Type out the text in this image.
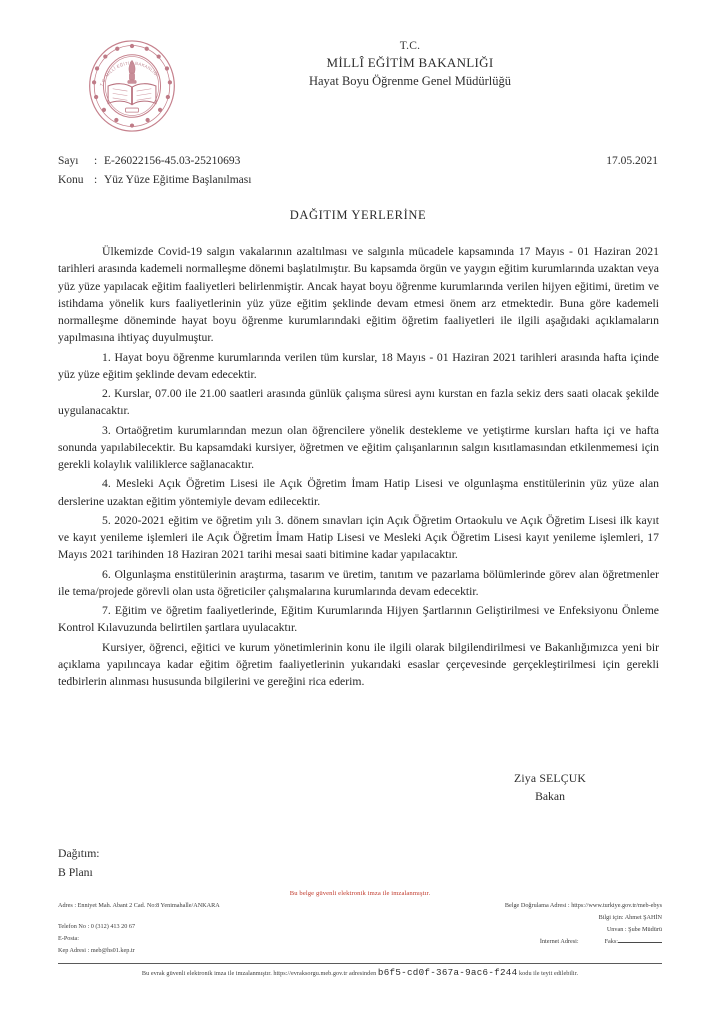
T.C. MİLLÎ EĞİTİM BAKANLIĞI
T.C.
MİLLÎ EĞİTİM BAKANLIĞI
Hayat Boyu Öğrenme Genel Müdürlüğü
17.05.2021
Sayı	: E-26022156-45.03-25210693
Konu : Yüz Yüze Eğitime Başlanılması
DAĞITIM YERLERİNE

Ülkemizde Covid-19 salgın vakalarının azaltılması ve salgınla mücadele kapsamında 17 Mayıs - 01 Haziran 2021 tarihleri arasında kademeli normalleşme dönemi başlatılmıştır. Bu kapsamda örgün ve yaygın eğitim kurumlarında uzaktan veya yüz yüze yapılacak eğitim faaliyetleri belirlenmiştir. Ancak hayat boyu öğrenme kurumlarında verilen hijyen eğitimi, üretim ve istihdama yönelik kurs faaliyetlerinin yüz yüze eğitim şeklinde devam etmesi önem arz etmektedir. Buna göre kademeli normalleşme döneminde hayat boyu öğrenme kurumlarındaki eğitim öğretim faaliyetleri ile ilgili aşağıdaki açıklamaların yapılmasına ihtiyaç duyulmuştur.

1. Hayat boyu öğrenme kurumlarında verilen tüm kurslar, 18 Mayıs - 01 Haziran 2021 tarihleri arasında hafta içinde yüz yüze eğitim şeklinde devam edecektir.

2. Kurslar, 07.00 ile 21.00 saatleri arasında günlük çalışma süresi aynı kurstan en fazla sekiz ders saati olacak şekilde uygulanacaktır.

3. Ortaöğretim kurumlarından mezun olan öğrencilere yönelik destekleme ve yetiştirme kursları hafta içi ve hafta sonunda yapılabilecektir. Bu kapsamdaki kursiyer, öğretmen ve eğitim çalışanlarının salgın kısıtlamasından etkilenmemesi için gerekli kolaylık valiliklerce sağlanacaktır.

4. Mesleki Açık Öğretim Lisesi ile Açık Öğretim İmam Hatip Lisesi ve olgunlaşma enstitülerinin yüz yüze alan derslerine uzaktan eğitim yöntemiyle devam edilecektir.

5. 2020-2021 eğitim ve öğretim yılı 3. dönem sınavları için Açık Öğretim Ortaokulu ve Açık Öğretim Lisesi ilk kayıt ve kayıt yenileme işlemleri ile Açık Öğretim İmam Hatip Lisesi ve Mesleki Açık Öğretim Lisesi kayıt yenileme işlemleri, 17 Mayıs 2021 tarihinden 18 Haziran 2021 tarihi mesai saati bitimine kadar yapılacaktır.

6. Olgunlaşma enstitülerinin araştırma, tasarım ve üretim, tanıtım ve pazarlama bölümlerinde görev alan öğretmenler ile tema/projede görevli olan usta öğreticiler çalışmalarına kurumlarında devam edecektir.

7. Eğitim ve öğretim faaliyetlerinde, Eğitim Kurumlarında Hijyen Şartlarının Geliştirilmesi ve Enfeksiyonu Önleme Kontrol Kılavuzunda belirtilen şartlara uyulacaktır.

Kursiyer, öğrenci, eğitici ve kurum yönetimlerinin konu ile ilgili olarak bilgilendirilmesi ve Bakanlığımızca yeni bir açıklama yapılıncaya kadar eğitim öğretim faaliyetlerinin yukarıdaki esaslar çerçevesinde gerçekleştirilmesi için gerekli tedbirlerin alınması hususunda bilgilerini ve gereğini rica ederim.

Ziya SELÇUK
Bakan
Dağıtım:
B Planı
Bu belge güvenli elektronik imza ile imzalanmıştır.
Adres : Enniyet Mah. Abant 2 Cad. No:8 Yenimahalle/ANKARA
Telefon No : 0 (312) 413 20 67
E-Posta:
Kep Adresi : meb@hs01.kep.tr
Belge Doğrulama Adresi : https://www.turkiye.gov.tr/meb-ebys
Bilgi için: Ahmet ŞAHİN
Unvan : Şube Müdürü
İnternet Adresi:	Faks:
Bu evrak güvenli elektronik imza ile imzalanmıştır. https://evraksorgu.meb.gov.tr adresinden b6f5-cd0f-367a-9ac6-f244 kodu ile teyit edilebilir.
